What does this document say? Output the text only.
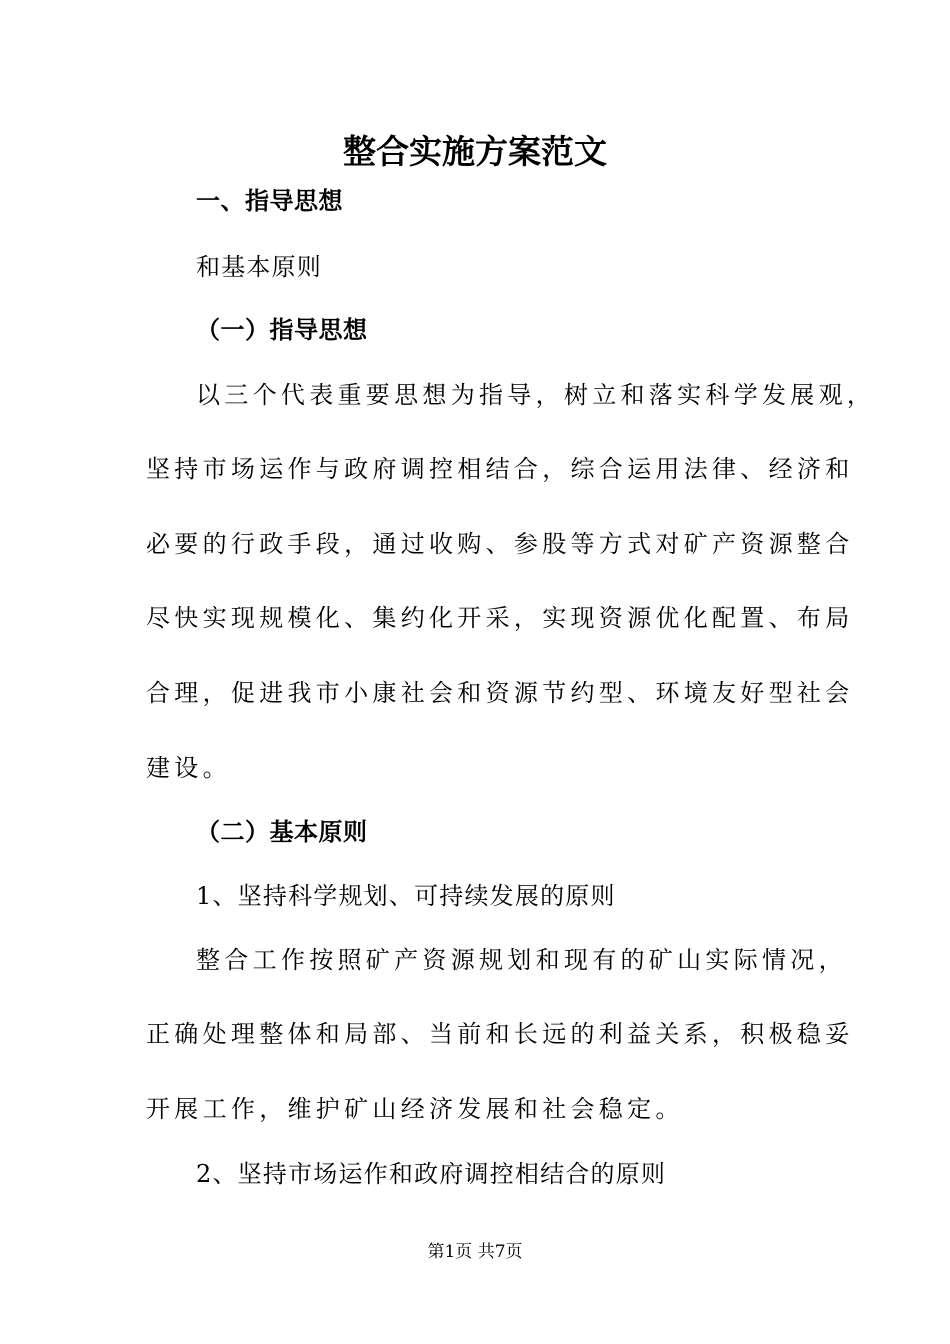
整合实施方案范文
一、指导思想
和基本原则
（一）指导思想
以三个代表重要思想为指导，树立和落实科学发展观，
坚持市场运作与政府调控相结合，综合运用法律、经济和
必要的行政手段，通过收购、参股等方式对矿产资源整合
尽快实现规模化、集约化开采，实现资源优化配置、布局
合理，促进我市小康社会和资源节约型、环境友好型社会
建设。
（二）基本原则
1、坚持科学规划、可持续发展的原则
整合工作按照矿产资源规划和现有的矿山实际情况，
正确处理整体和局部、当前和长远的利益关系，积极稳妥
开展工作，维护矿山经济发展和社会稳定。
2、坚持市场运作和政府调控相结合的原则
第1页 共7页
